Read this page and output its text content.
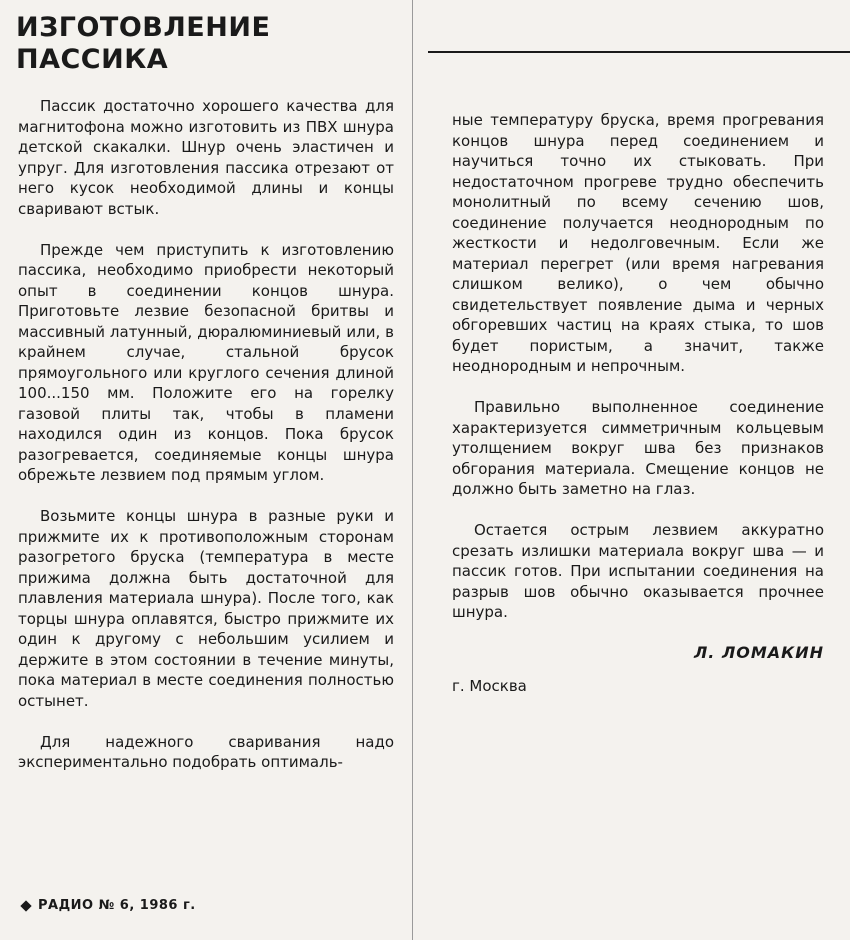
ИЗГОТОВЛЕНИЕ
ПАССИКА

Пассик достаточно хорошего качества для магнитофона можно изготовить из ПВХ шнура детской скакалки. Шнур очень эластичен и упруг. Для изготовления пассика отрезают от него кусок необходимой длины и концы сваривают встык.

Прежде чем приступить к изготовлению пассика, необходимо приобрести некоторый опыт в соединении концов шнура. Приготовьте лезвие безопасной бритвы и массивный латунный, дюралюминиевый или, в крайнем случае, стальной брусок прямоугольного или круглого сечения длиной 100...150 мм. Положите его на горелку газовой плиты так, чтобы в пламени находился один из концов. Пока брусок разогревается, соединяемые концы шнура обрежьте лезвием под прямым углом.

Возьмите концы шнура в разные руки и прижмите их к противоположным сторонам разогретого бруска (температура в месте прижима должна быть достаточной для плавления материала шнура). После того, как торцы шнура оплавятся, быстро прижмите их один к другому с небольшим усилием и держите в этом состоянии в течение минуты, пока материал в месте соединения полностью остынет.

Для надежного сваривания надо экспериментально подобрать оптималь-

ные температуру бруска, время прогревания концов шнура перед соединением и научиться точно их стыковать. При недостаточном прогреве трудно обеспечить монолитный по всему сечению шов, соединение получается неоднородным по жесткости и недолговечным. Если же материал перегрет (или время нагревания слишком велико), о чем обычно свидетельствует появление дыма и черных обгоревших частиц на краях стыка, то шов будет пористым, а значит, также неоднородным и непрочным.

Правильно выполненное соединение характеризуется симметричным кольцевым утолщением вокруг шва без признаков обгорания материала. Смещение концов не должно быть заметно на глаз.

Остается острым лезвием аккуратно срезать излишки материала вокруг шва — и пассик готов. При испытании соединения на разрыв шов обычно оказывается прочнее шнура.

Л. ЛОМАКИН
г. Москва
РАДИО № 6, 1986 г.
